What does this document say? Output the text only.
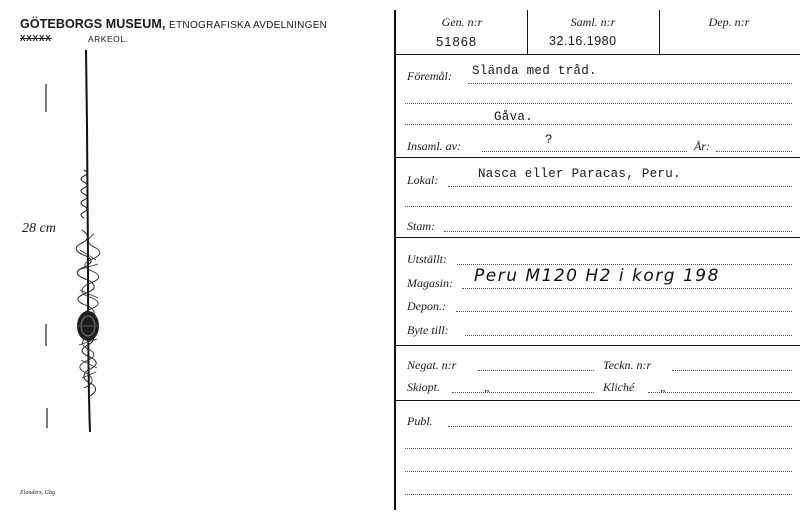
GÖTEBORGS MUSEUM, ETNOGRAFISKA AVDELNINGEN
XXXXX	ARKEOL.
28 cm
Elanders, Gbg
Gen. n:r
51868
Saml. n:r
32.16.1980
Dep. n:r
Föremål: Slända med tråd.
Gåva.
Insaml. av:	?	År:
Lokal:	Nasca eller Paracas, Peru.
Stam:
Utställt:
Magasin: Peru M120 H2 i korg 198
Depon.:
Byte till:
Negat. n:r	Teckn. n:r
Skiopt.	„	Kliché „
Publ.
